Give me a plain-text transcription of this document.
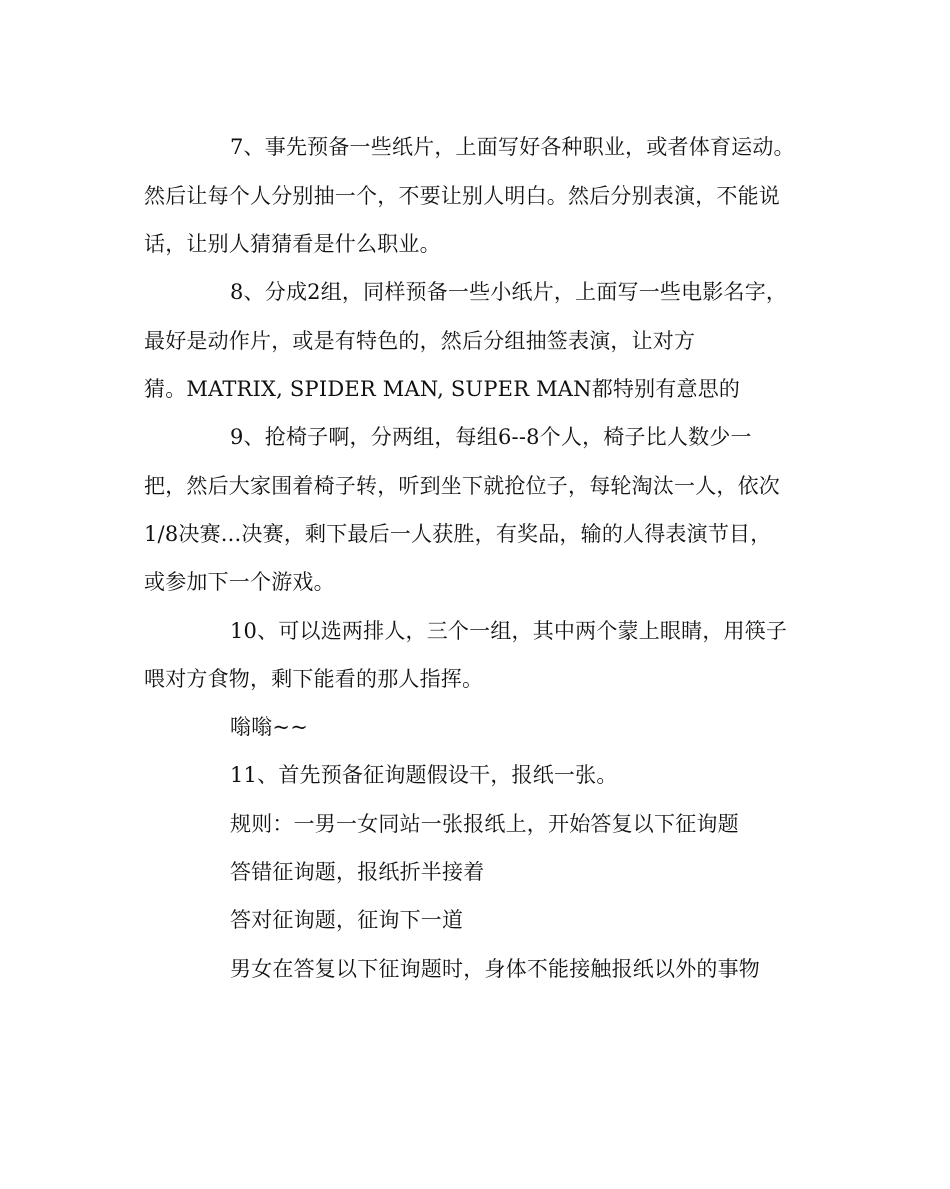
7、事先预备一些纸片，上面写好各种职业，或者体育运动。
然后让每个人分别抽一个，不要让别人明白。然后分别表演，不能说
话，让别人猜猜看是什么职业。
8、分成2组，同样预备一些小纸片，上面写一些电影名字，
最好是动作片，或是有特色的，然后分组抽签表演，让对方
猜。MATRIX, SPIDER MAN, SUPER MAN都特别有意思的
9、抢椅子啊，分两组，每组6--8个人，椅子比人数少一
把，然后大家围着椅子转，听到坐下就抢位子，每轮淘汰一人，依次
1/8决赛...决赛，剩下最后一人获胜，有奖品，输的人得表演节目，
或参加下一个游戏。
10、可以选两排人，三个一组，其中两个蒙上眼睛，用筷子
喂对方食物，剩下能看的那人指挥。
嗡嗡~~
11、首先预备征询题假设干，报纸一张。
规则：一男一女同站一张报纸上，开始答复以下征询题
答错征询题，报纸折半接着
答对征询题，征询下一道
男女在答复以下征询题时，身体不能接触报纸以外的事物
